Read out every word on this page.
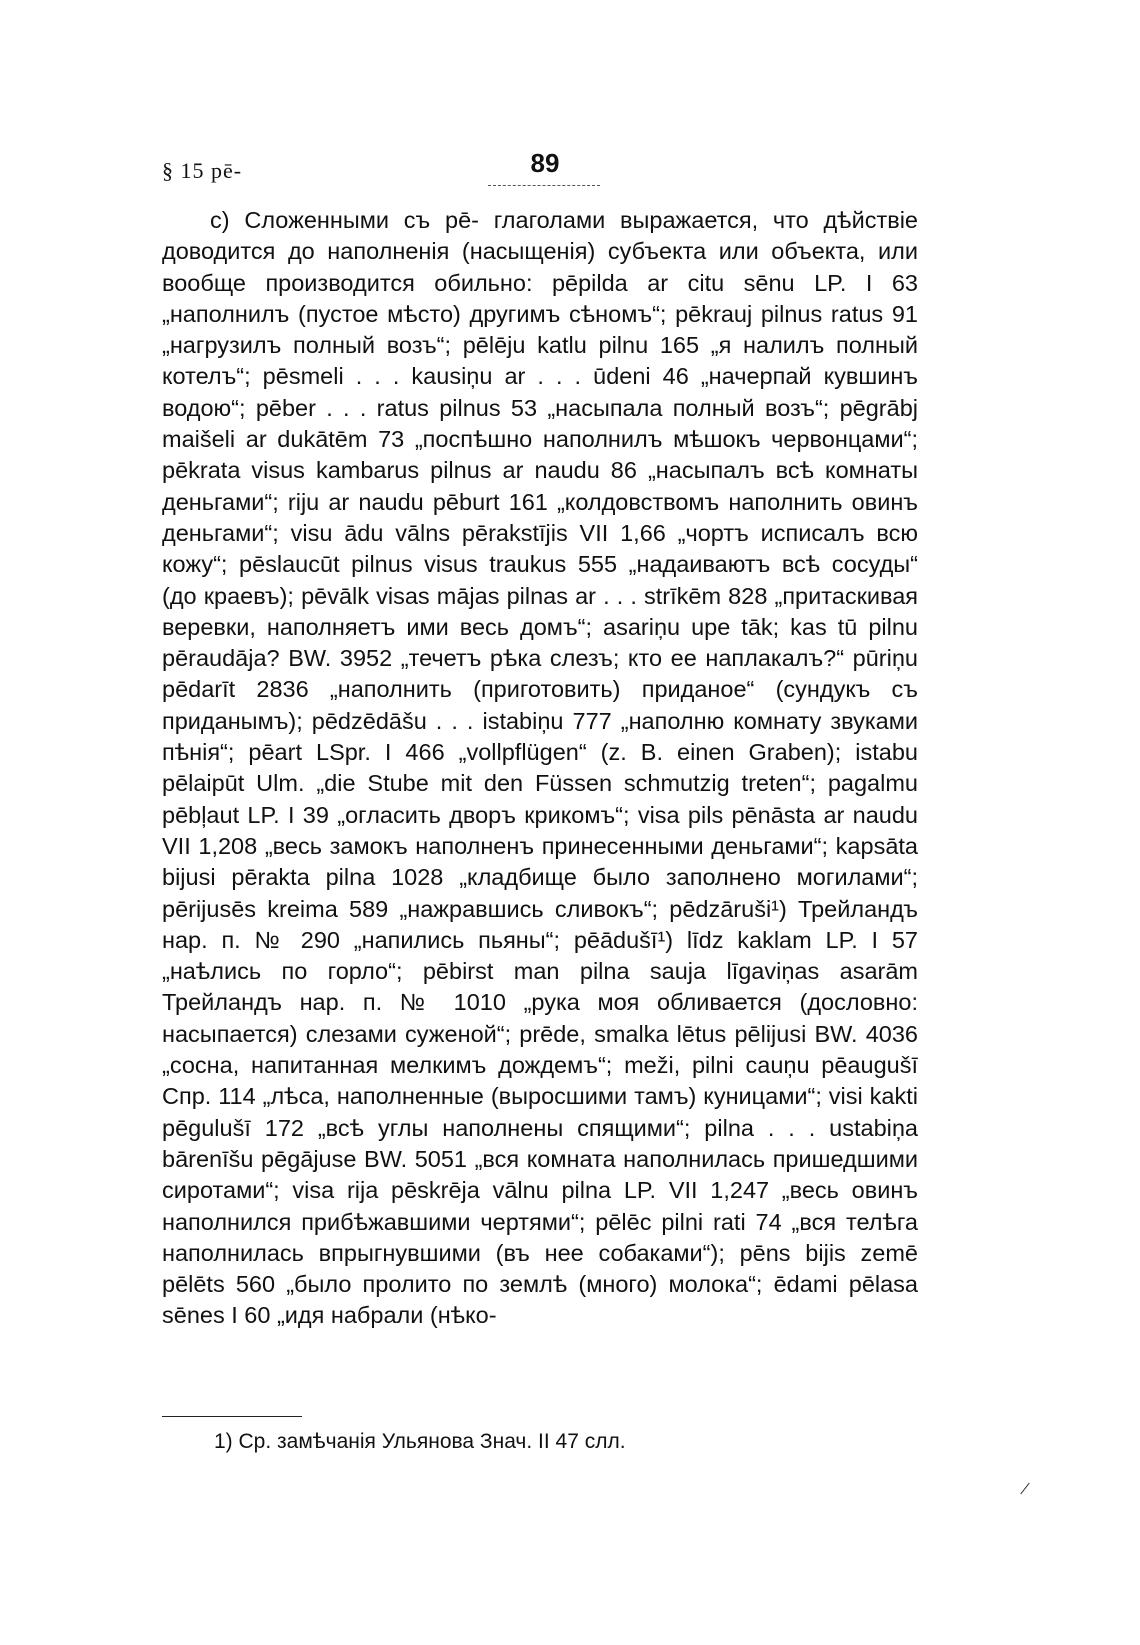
§ 15 pē-	89

c) Сложенными съ pē- глаголами выражается, что дѣйствіе доводится до наполненія (насыщенія) субъекта или объекта, или вообще производится обильно: pēpilda ar citu sēnu LP. I 63 „наполнилъ (пустое мѣсто) другимъ сѣномъ“; pēkrauj pilnus ratus 91 „нагрузилъ полный возъ“; pēlēju katlu pilnu 165 „я налилъ полный котелъ“; pēsmeli . . . kausiņu ar . . . ūdeni 46 „начерпай кувшинъ водою“; pēber . . . ratus pilnus 53 „насыпала полный возъ“; pēgrābj maišeli ar dukātēm 73 „поспѣшно наполнилъ мѣшокъ червонцами“; pēkrata visus kambarus pilnus ar naudu 86 „насыпалъ всѣ комнаты деньгами“; riju ar naudu pēburt 161 „колдовствомъ наполнить овинъ деньгами“; visu ādu vālns pērakstījis VII 1,66 „чортъ исписалъ всю кожу“; pēslaucūt pilnus visus traukus 555 „надаиваютъ всѣ сосуды“ (до краевъ); pēvālk visas mājas pilnas ar . . . strīkēm 828 „притаскивая веревки, наполняетъ ими весь домъ“; asariņu upe tāk; kas tū pilnu pēraudāja? BW. 3952 „течетъ рѣка слезъ; кто ее наплакалъ?“ pūriņu pēdarīt 2836 „наполнить (приготовить) приданое“ (сундукъ съ приданымъ); pēdzēdāšu . . . istabiņu 777 „наполню комнату звуками пѣнія“; pēart LSpr. I 466 „vollpflügen“ (z. B. einen Graben); istabu pēlaipūt Ulm. „die Stube mit den Füssen schmutzig treten“; pagalmu pēbļaut LP. I 39 „огласить дворъ крикомъ“; visa pils pēnāsta ar naudu VII 1,208 „весь замокъ наполненъ принесенными деньгами“; kapsāta bijusi pērakta pilna 1028 „кладбище было заполнено могилами“; pērijusēs kreima 589 „нажравшись сливокъ“; pēdzāruši¹) Трейландъ нар. п. № 290 „напились пьяны“; pēādušī¹) līdz kaklam LP. I 57 „наѣлись по горло“; pēbirst man pilna sauja līgaviņas asarām Трейландъ нар. п. № 1010 „рука моя обливается (дословно: насыпается) слезами суженой“; prēde, smalka lētus pēlijusi BW. 4036 „сосна, напитанная мелкимъ дождемъ“; meži, pilni cauņu pēaugušī Спр. 114 „лѣса, наполненные (выросшими тамъ) куницами“; visi kakti pēgulušī 172 „всѣ углы наполнены спящими“; pilna . . . ustabiņa bārenīšu pēgājuse BW. 5051 „вся комната наполнилась пришедшими сиротами“; visa rija pēskrēja vālnu pilna LP. VII 1,247 „весь овинъ наполнился прибѣжавшими чертями“; pēlēc pilni rati 74 „вся телѣга наполнилась впрыгнувшими (въ нее собаками“); pēns bijis zemē pēlēts 560 „было пролито по землѣ (много) молока“; ēdami pēlasa sēnes I 60 „идя набрали (нѣко-

1) Ср. замѣчанія Ульянова Знач. II 47 слл.
